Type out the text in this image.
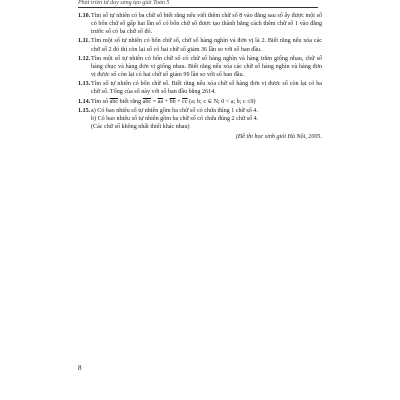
Phát triển tư duy sáng tạo giải Toán 5
1.10. Tìm số tự nhiên có ba chữ số biết rằng nếu viết thêm chữ số 8 vào đằng sau số ấy được một số có bốn chữ số gấp hai lần số có bốn chữ số được tạo thành bằng cách thêm chữ số 1 vào đằng trước số có ba chữ số đó.
1.11. Tìm một số tự nhiên có bốn chữ số, chữ số hàng nghìn và đơn vị là 2. Biết rằng nếu xóa các chữ số 2 đó thì còn lại số có hai chữ số giảm 36 lần so với số ban đầu.
1.12. Tìm một số tự nhiên có bốn chữ số có chữ số hàng nghìn và hàng trăm giống nhau, chữ số hàng chục và hàng đơn vị giống nhau. Biết rằng nếu xóa các chữ số hàng nghìn và hàng đơn vị được số còn lại có hai chữ số giảm 99 lần so với số ban đầu.
1.13. Tìm số tự nhiên có bốn chữ số. Biết rằng nếu xóa chữ số hàng đơn vị được số còn lại có ba chữ số. Tổng của số này với số ban đầu bằng 2614.
1.14. Tìm số $\overline{abc}$ biết rằng $\overline{abc} = \overline{aa} + \overline{bb} + \overline{cc}$ (a; b; c ∈ N; 0 < a; b; c ≤9)
1.15. a) Có bao nhiêu số tự nhiên gồm ba chữ số có chứa đúng 1 chữ số 4.
b) Có bao nhiêu số tự nhiên gồm ba chữ số có chứa đúng 2 chữ số 4.
(Các chữ số không nhất thiết khác nhau)
(Đề thi học sinh giỏi Hà Nội, 2005.
8
